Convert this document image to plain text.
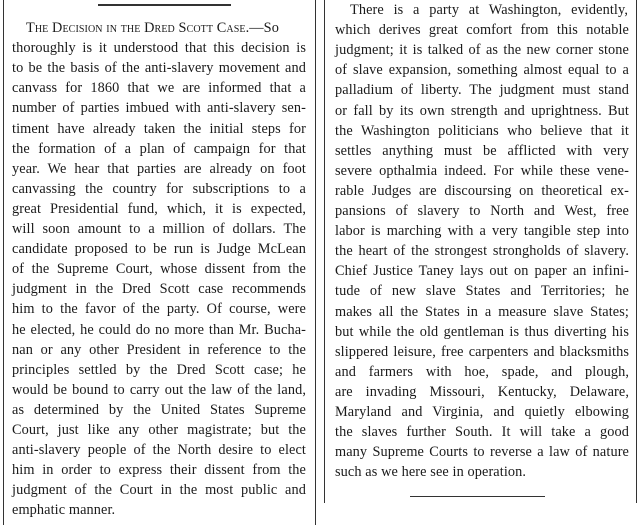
The Decision in the Dred Scott Case.—So
thoroughly is it understood that this decision is
to be the basis of the anti-slavery movement and
canvass for 1860 that we are informed that a
number of parties imbued with anti-slavery sen-
timent have already taken the initial steps for
the formation of a plan of campaign for that
year. We hear that parties are already on foot
canvassing the country for subscriptions to a
great Presidential fund, which, it is expected,
will soon amount to a million of dollars. The
candidate proposed to be run is Judge McLean
of the Supreme Court, whose dissent from the
judgment in the Dred Scott case recommends
him to the favor of the party. Of course, were
he elected, he could do no more than Mr. Bucha-
nan or any other President in reference to the
principles settled by the Dred Scott case; he
would be bound to carry out the law of the land,
as determined by the United States Supreme
Court, just like any other magistrate; but the
anti-slavery people of the North desire to elect
him in order to express their dissent from the
judgment of the Court in the most public and
emphatic manner.
There is a party at Washington, evidently,
which derives great comfort from this notable
judgment; it is talked of as the new corner stone
of slave expansion, something almost equal to a
palladium of liberty. The judgment must stand
or fall by its own strength and uprightness. But
the Washington politicians who believe that it
settles anything must be afflicted with very
severe opthalmia indeed. For while these vene-
rable Judges are discoursing on theoretical ex-
pansions of slavery to North and West, free
labor is marching with a very tangible step into
the heart of the strongest strongholds of slavery.
Chief Justice Taney lays out on paper an infini-
tude of new slave States and Territories; he
makes all the States in a measure slave States;
but while the old gentleman is thus diverting his
slippered leisure, free carpenters and blacksmiths
and farmers with hoe, spade, and plough,
are invading Missouri, Kentucky, Delaware,
Maryland and Virginia, and quietly elbowing
the slaves further South. It will take a good
many Supreme Courts to reverse a law of nature
such as we here see in operation.
